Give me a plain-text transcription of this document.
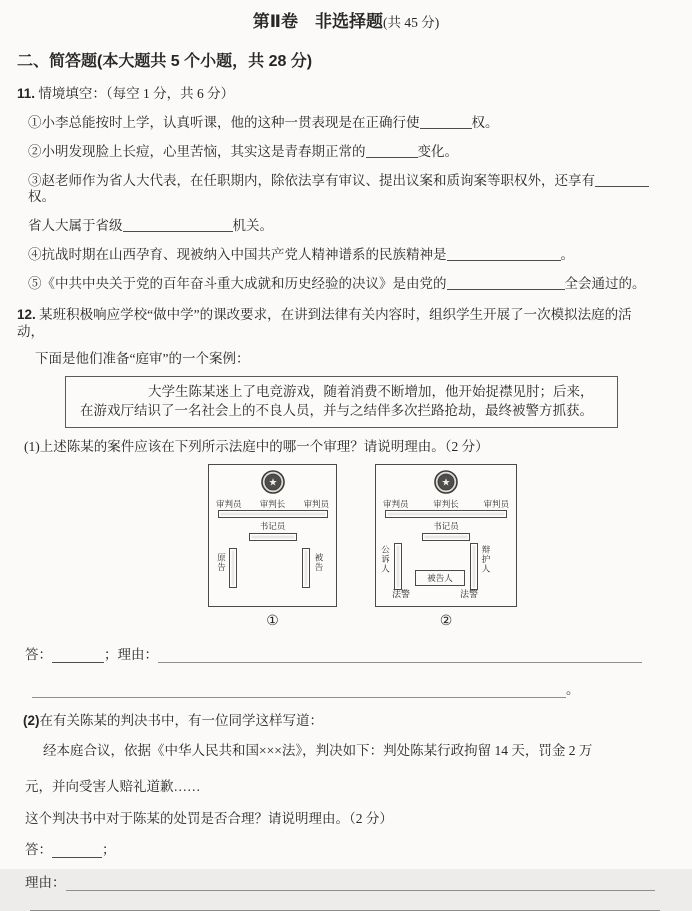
第Ⅱ卷　非选择题(共 45 分)
二、简答题(本大题共 5 个小题，共 28 分)
11. 情境填空：（每空 1 分，共 6 分）
①小李总能按时上学，认真听课，他的这种一贯表现是在正确行使	权。
②小明发现脸上长痘，心里苦恼，其实这是青春期正常的	变化。
③赵老师作为省人大代表，在任职期内，除依法享有审议、提出议案和质询案等职权外，还享有权。
省人大属于省级	机关。
④抗战时期在山西孕育、现被纳入中国共产党人精神谱系的民族精神是	。
⑤《中共中央关于党的百年奋斗重大成就和历史经验的决议》是由党的	全会通过的。
12. 某班积极响应学校“做中学”的课改要求，在讲到法律有关内容时，组织学生开展了一次模拟法庭的活动，
下面是他们准备“庭审”的一个案例：
大学生陈某迷上了电竞游戏，随着消费不断增加，他开始捉襟见肘；后来，在游戏厅结识了一名社会上的不良人员，并与之结伴多次拦路抢劫，最终被警方抓获。
(1)上述陈某的案件应该在下列所示法庭中的哪一个审理？请说明理由。（2 分）
★
审判员 审判长 审判员
书记员
原告	被告
①
★
审判员	审判长	审判员
书记员
公诉人	辩护人
被告人
法警	法警
②
答：	； 理由：
。
(2)在有关陈某的判决书中，有一位同学这样写道：
经本庭合议，依据《中华人民共和国×××法》，判决如下：判处陈某行政拘留 14 天，罚金 2 万
元，并向受害人赔礼道歉……
这个判决书中对于陈某的处罚是否合理？请说明理由。（2 分）
答：	；
理由：
